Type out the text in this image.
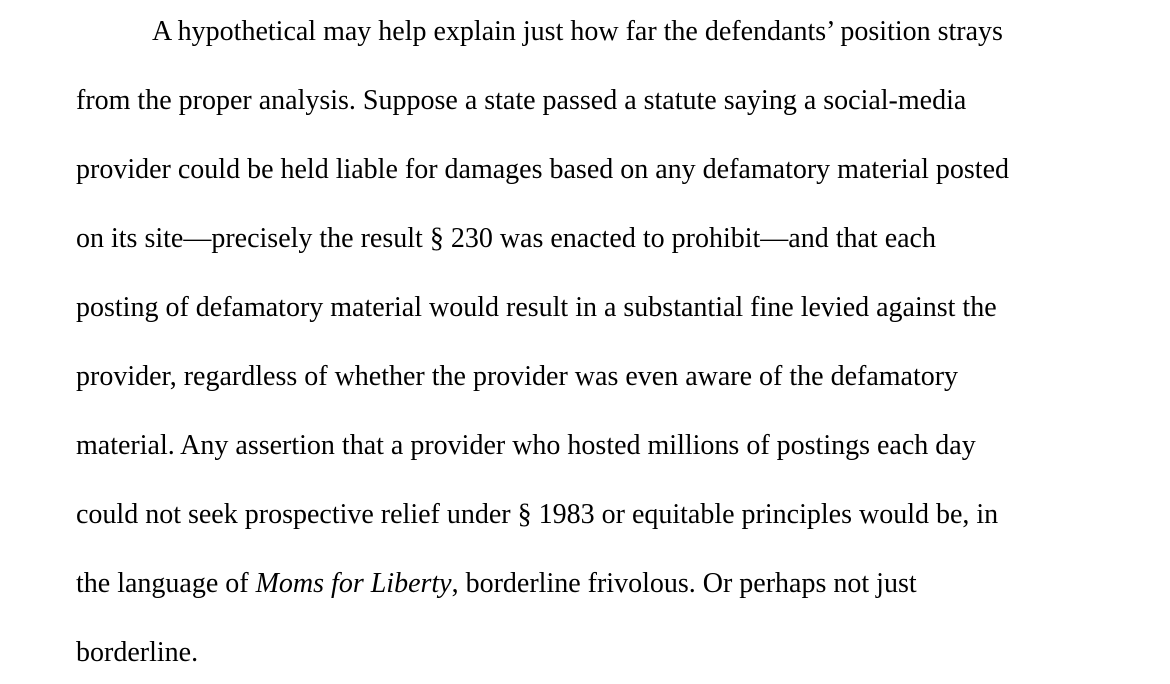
A hypothetical may help explain just how far the defendants’ position strays
from the proper analysis. Suppose a state passed a statute saying a social-media
provider could be held liable for damages based on any defamatory material posted
on its site—precisely the result § 230 was enacted to prohibit—and that each
posting of defamatory material would result in a substantial fine levied against the
provider, regardless of whether the provider was even aware of the defamatory
material. Any assertion that a provider who hosted millions of postings each day
could not seek prospective relief under § 1983 or equitable principles would be, in
the language of Moms for Liberty, borderline frivolous. Or perhaps not just
borderline.
